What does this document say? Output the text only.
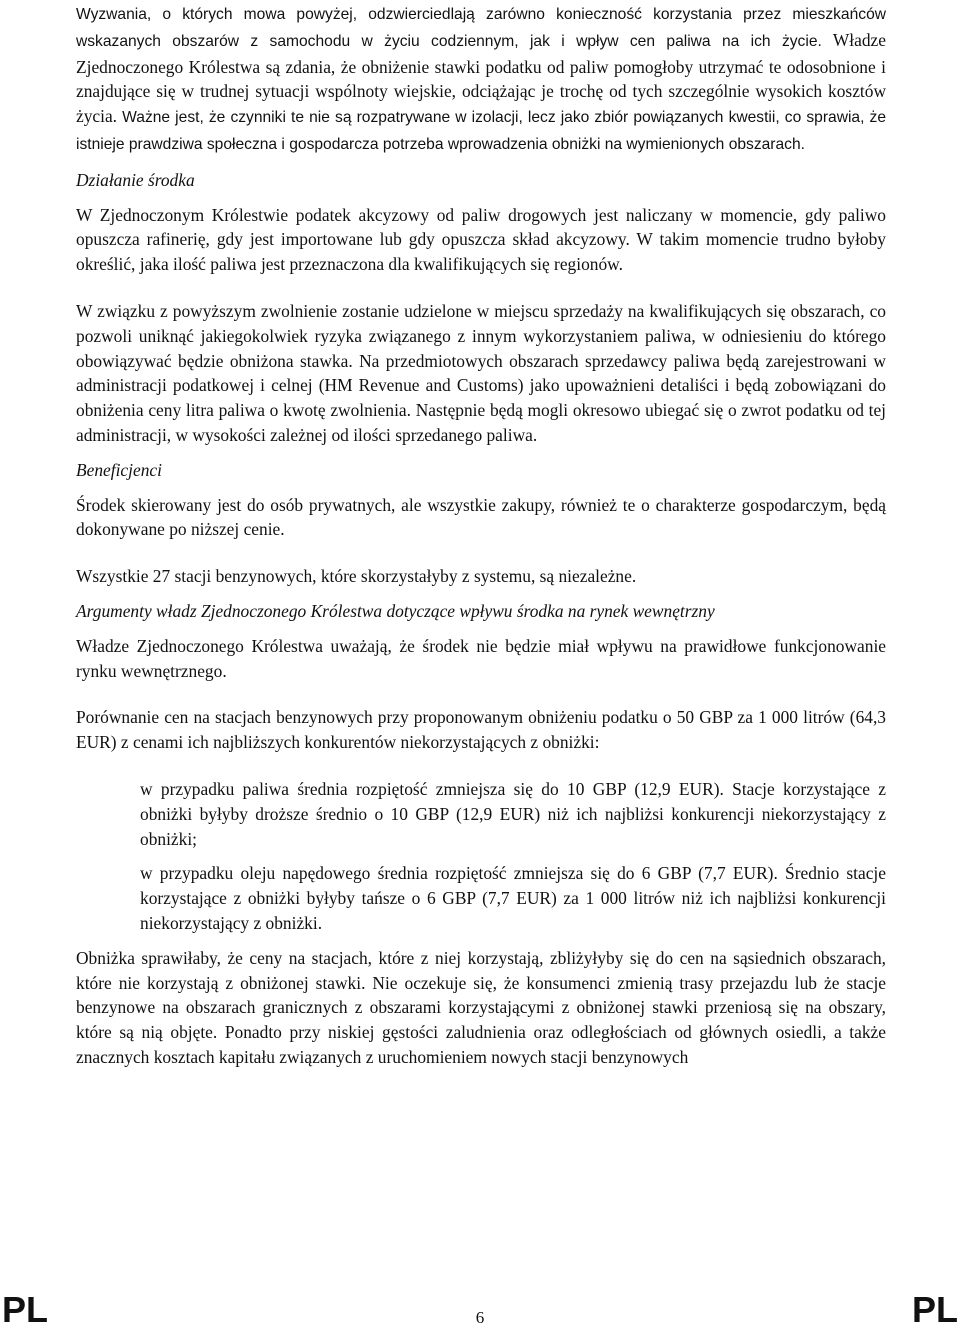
Wyzwania, o których mowa powyżej, odzwierciedlają zarówno konieczność korzystania przez mieszkańców wskazanych obszarów z samochodu w życiu codziennym, jak i wpływ cen paliwa na ich życie. Władze Zjednoczonego Królestwa są zdania, że obniżenie stawki podatku od paliw pomogłoby utrzymać te odosobnione i znajdujące się w trudnej sytuacji wspólnoty wiejskie, odciążając je trochę od tych szczególnie wysokich kosztów życia. Ważne jest, że czynniki te nie są rozpatrywane w izolacji, lecz jako zbiór powiązanych kwestii, co sprawia, że istnieje prawdziwa społeczna i gospodarcza potrzeba wprowadzenia obniżki na wymienionych obszarach.

Działanie środka

W Zjednoczonym Królestwie podatek akcyzowy od paliw drogowych jest naliczany w momencie, gdy paliwo opuszcza rafinerię, gdy jest importowane lub gdy opuszcza skład akcyzowy. W takim momencie trudno byłoby określić, jaka ilość paliwa jest przeznaczona dla kwalifikujących się regionów.

W związku z powyższym zwolnienie zostanie udzielone w miejscu sprzedaży na kwalifikujących się obszarach, co pozwoli uniknąć jakiegokolwiek ryzyka związanego z innym wykorzystaniem paliwa, w odniesieniu do którego obowiązywać będzie obniżona stawka. Na przedmiotowych obszarach sprzedawcy paliwa będą zarejestrowani w administracji podatkowej i celnej (HM Revenue and Customs) jako upoważnieni detaliści i będą zobowiązani do obniżenia ceny litra paliwa o kwotę zwolnienia. Następnie będą mogli okresowo ubiegać się o zwrot podatku od tej administracji, w wysokości zależnej od ilości sprzedanego paliwa.

Beneficjenci

Środek skierowany jest do osób prywatnych, ale wszystkie zakupy, również te o charakterze gospodarczym, będą dokonywane po niższej cenie.

Wszystkie 27 stacji benzynowych, które skorzystałyby z systemu, są niezależne.

Argumenty władz Zjednoczonego Królestwa dotyczące wpływu środka na rynek wewnętrzny

Władze Zjednoczonego Królestwa uważają, że środek nie będzie miał wpływu na prawidłowe funkcjonowanie rynku wewnętrznego.

Porównanie cen na stacjach benzynowych przy proponowanym obniżeniu podatku o 50 GBP za 1 000 litrów (64,3 EUR) z cenami ich najbliższych konkurentów niekorzystających z obniżki:

w przypadku paliwa średnia rozpiętość zmniejsza się do 10 GBP (12,9 EUR). Stacje korzystające z obniżki byłyby droższe średnio o 10 GBP (12,9 EUR) niż ich najbliżsi konkurencji niekorzystający z obniżki;

w przypadku oleju napędowego średnia rozpiętość zmniejsza się do 6 GBP (7,7 EUR). Średnio stacje korzystające z obniżki byłyby tańsze o 6 GBP (7,7 EUR) za 1 000 litrów niż ich najbliżsi konkurencji niekorzystający z obniżki.

Obniżka sprawiłaby, że ceny na stacjach, które z niej korzystają, zbliżyłyby się do cen na sąsiednich obszarach, które nie korzystają z obniżonej stawki. Nie oczekuje się, że konsumenci zmienią trasy przejazdu lub że stacje benzynowe na obszarach granicznych z obszarami korzystającymi z obniżonej stawki przeniosą się na obszary, które są nią objęte. Ponadto przy niskiej gęstości zaludnienia oraz odległościach od głównych osiedli, a także znacznych kosztach kapitału związanych z uruchomieniem nowych stacji benzynowych

PL	6	PL
